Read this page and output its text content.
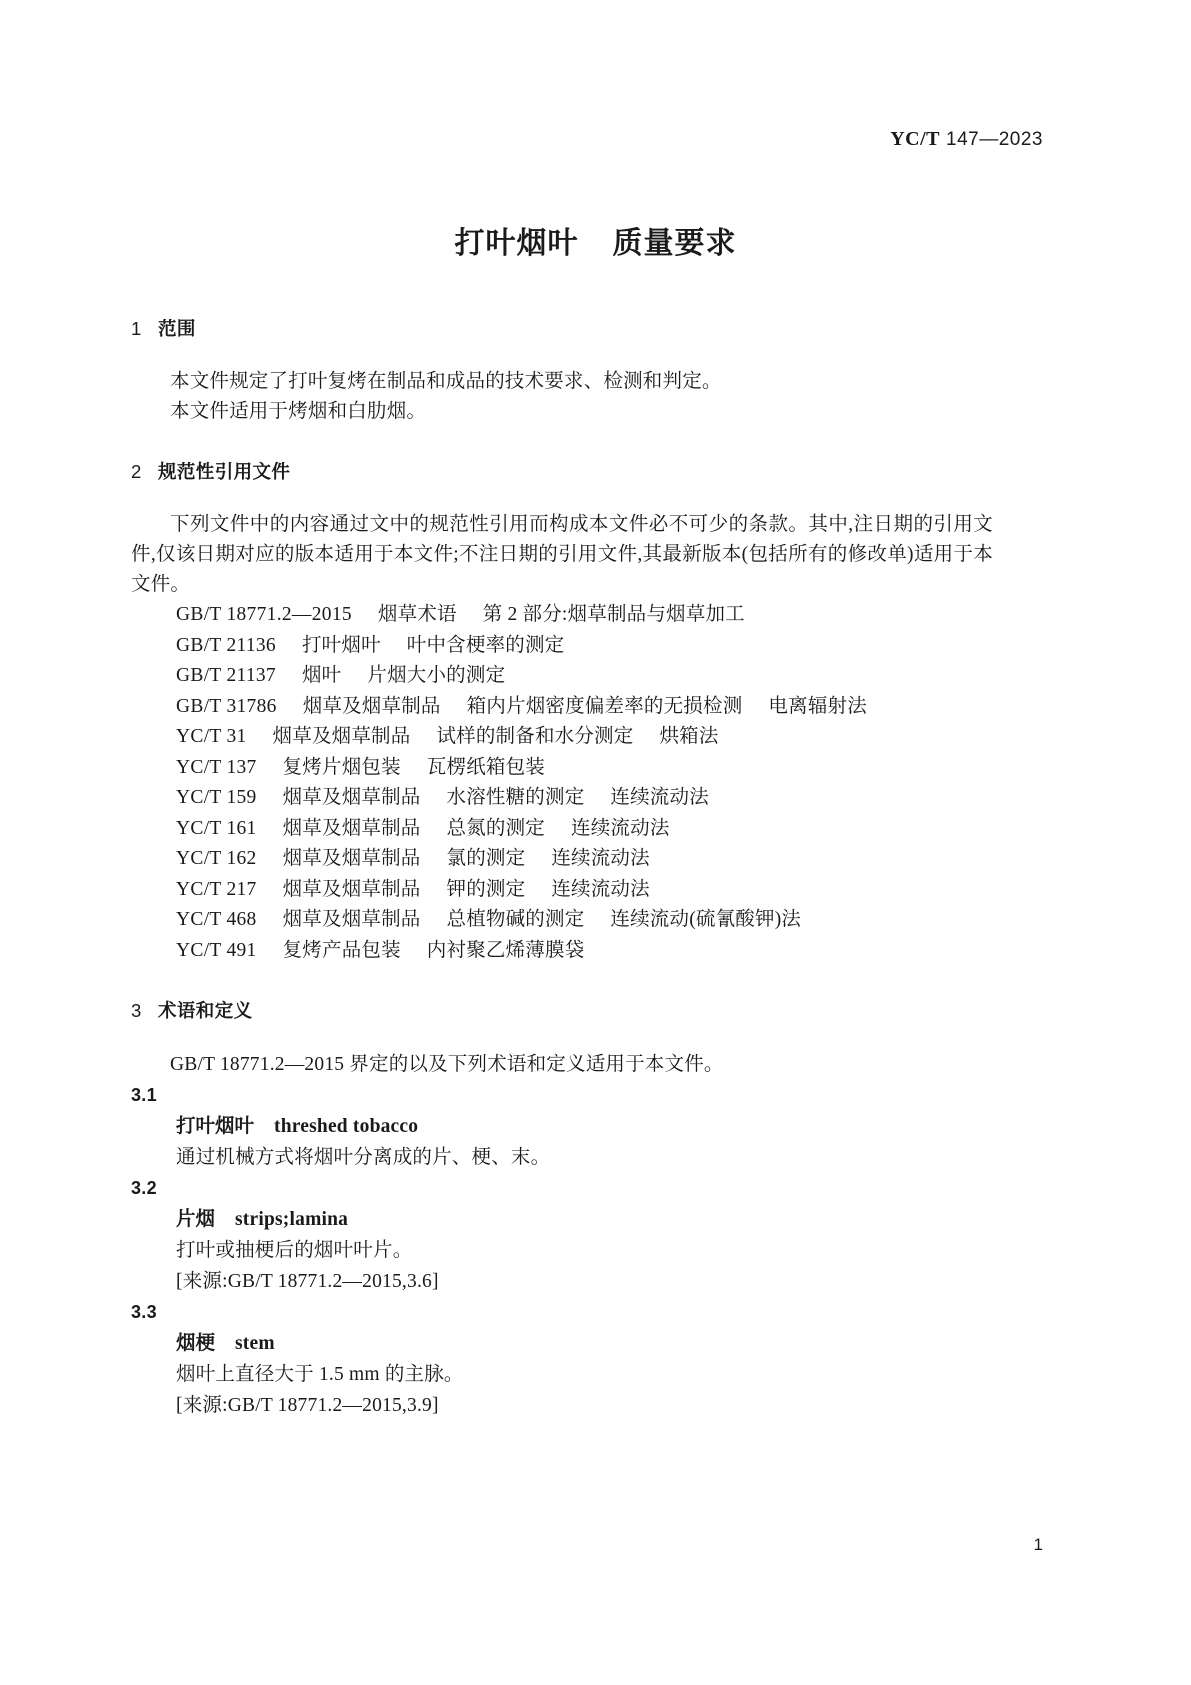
YC/T 147—2023
打叶烟叶 质量要求
1 范围

本文件规定了打叶复烤在制品和成品的技术要求、检测和判定。

本文件适用于烤烟和白肋烟。

2 规范性引用文件

下列文件中的内容通过文中的规范性引用而构成本文件必不可少的条款。其中,注日期的引用文件,仅该日期对应的版本适用于本文件;不注日期的引用文件,其最新版本(包括所有的修改单)适用于本文件。

GB/T 18771.2—2015 烟草术语 第 2 部分:烟草制品与烟草加工
GB/T 21136 打叶烟叶 叶中含梗率的测定
GB/T 21137 烟叶 片烟大小的测定
GB/T 31786 烟草及烟草制品 箱内片烟密度偏差率的无损检测 电离辐射法
YC/T 31 烟草及烟草制品 试样的制备和水分测定 烘箱法
YC/T 137 复烤片烟包装 瓦楞纸箱包装
YC/T 159 烟草及烟草制品 水溶性糖的测定 连续流动法
YC/T 161 烟草及烟草制品 总氮的测定 连续流动法
YC/T 162 烟草及烟草制品 氯的测定 连续流动法
YC/T 217 烟草及烟草制品 钾的测定 连续流动法
YC/T 468 烟草及烟草制品 总植物碱的测定 连续流动(硫氰酸钾)法
YC/T 491 复烤产品包装 内衬聚乙烯薄膜袋
3 术语和定义

GB/T 18771.2—2015 界定的以及下列术语和定义适用于本文件。

3.1
打叶烟叶 threshed tobacco
通过机械方式将烟叶分离成的片、梗、末。
3.2
片烟 strips;lamina
打叶或抽梗后的烟叶叶片。
[来源:GB/T 18771.2—2015,3.6]
3.3
烟梗 stem
烟叶上直径大于 1.5 mm 的主脉。
[来源:GB/T 18771.2—2015,3.9]
1
